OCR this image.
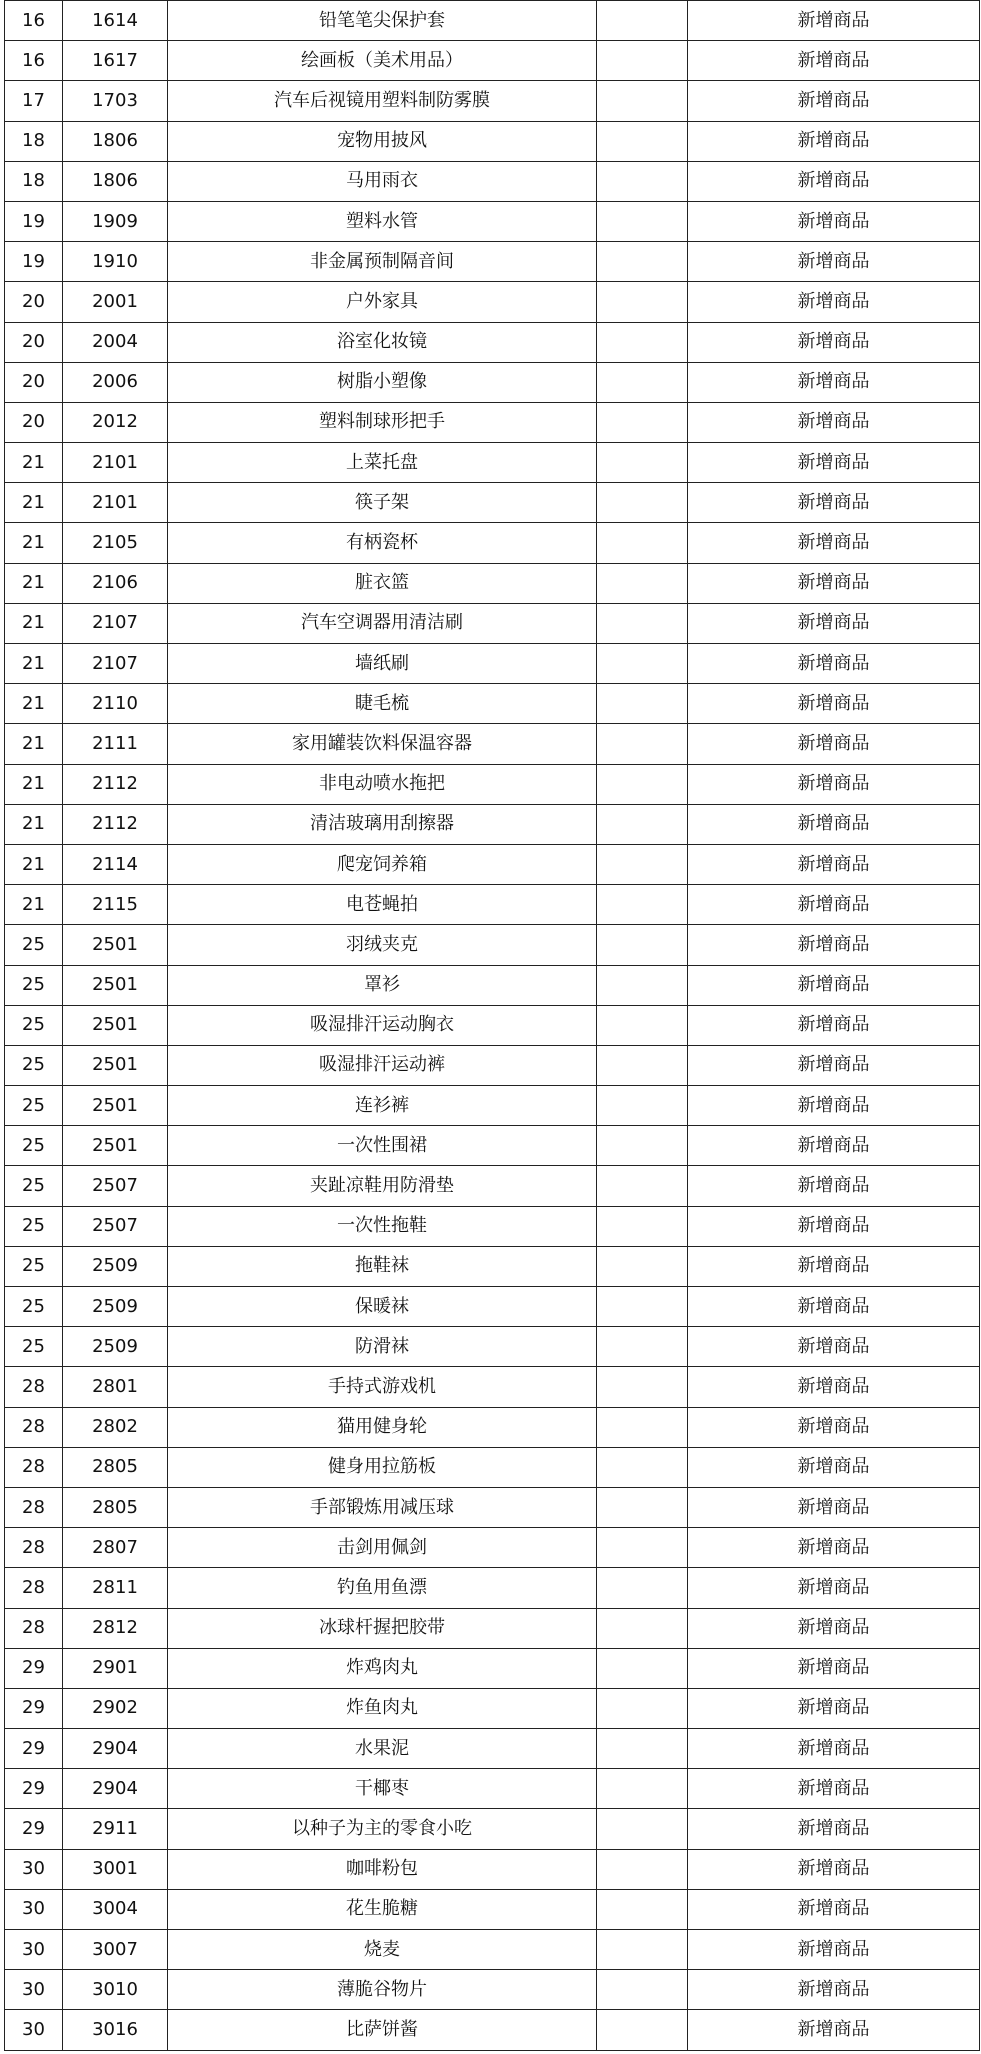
16	1614	铅笔笔尖保护套		新增商品
16	1617	绘画板（美术用品）		新增商品
17	1703	汽车后视镜用塑料制防雾膜		新增商品
18	1806	宠物用披风		新增商品
18	1806	马用雨衣		新增商品
19	1909	塑料水管		新增商品
19	1910	非金属预制隔音间		新增商品
20	2001	户外家具		新增商品
20	2004	浴室化妆镜		新增商品
20	2006	树脂小塑像		新增商品
20	2012	塑料制球形把手		新增商品
21	2101	上菜托盘		新增商品
21	2101	筷子架		新增商品
21	2105	有柄瓷杯		新增商品
21	2106	脏衣篮		新增商品
21	2107	汽车空调器用清洁刷		新增商品
21	2107	墙纸刷		新增商品
21	2110	睫毛梳		新增商品
21	2111	家用罐装饮料保温容器		新增商品
21	2112	非电动喷水拖把		新增商品
21	2112	清洁玻璃用刮擦器		新增商品
21	2114	爬宠饲养箱		新增商品
21	2115	电苍蝇拍		新增商品
25	2501	羽绒夹克		新增商品
25	2501	罩衫		新增商品
25	2501	吸湿排汗运动胸衣		新增商品
25	2501	吸湿排汗运动裤		新增商品
25	2501	连衫裤		新增商品
25	2501	一次性围裙		新增商品
25	2507	夹趾凉鞋用防滑垫		新增商品
25	2507	一次性拖鞋		新增商品
25	2509	拖鞋袜		新增商品
25	2509	保暖袜		新增商品
25	2509	防滑袜		新增商品
28	2801	手持式游戏机		新增商品
28	2802	猫用健身轮		新增商品
28	2805	健身用拉筋板		新增商品
28	2805	手部锻炼用减压球		新增商品
28	2807	击剑用佩剑		新增商品
28	2811	钓鱼用鱼漂		新增商品
28	2812	冰球杆握把胶带		新增商品
29	2901	炸鸡肉丸		新增商品
29	2902	炸鱼肉丸		新增商品
29	2904	水果泥		新增商品
29	2904	干椰枣		新增商品
29	2911	以种子为主的零食小吃		新增商品
30	3001	咖啡粉包		新增商品
30	3004	花生脆糖		新增商品
30	3007	烧麦		新增商品
30	3010	薄脆谷物片		新增商品
30	3016	比萨饼酱		新增商品
